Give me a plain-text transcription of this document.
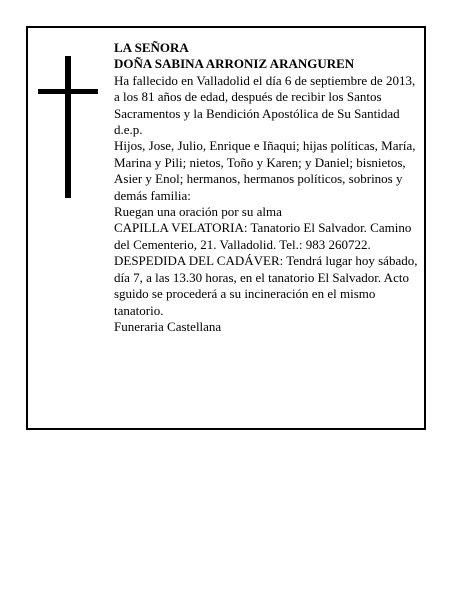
LA SEÑORA

DOÑA SABINA ARRONIZ ARANGUREN

Ha fallecido en Valladolid el día 6 de septiembre de 2013, a los 81 años de edad, después de recibir los Santos Sacramentos y la Bendición Apostólica de Su Santidad

d.e.p.

Hijos, Jose, Julio, Enrique e Iñaqui; hijas políticas, María, Marina y Pili; nietos, Toño y Karen; y Daniel; bisnietos, Asier y Enol; hermanos, hermanos políticos, sobrinos y demás familia:

Ruegan una oración por su alma

CAPILLA VELATORIA: Tanatorio El Salvador. Camino del Cementerio, 21. Valladolid. Tel.: 983 260722.

DESPEDIDA DEL CADÁVER: Tendrá lugar hoy sábado, día 7, a las 13.30 horas, en el tanatorio El Salvador. Acto sguido se procederá a su incineración en el mismo tanatorio.

Funeraria Castellana
